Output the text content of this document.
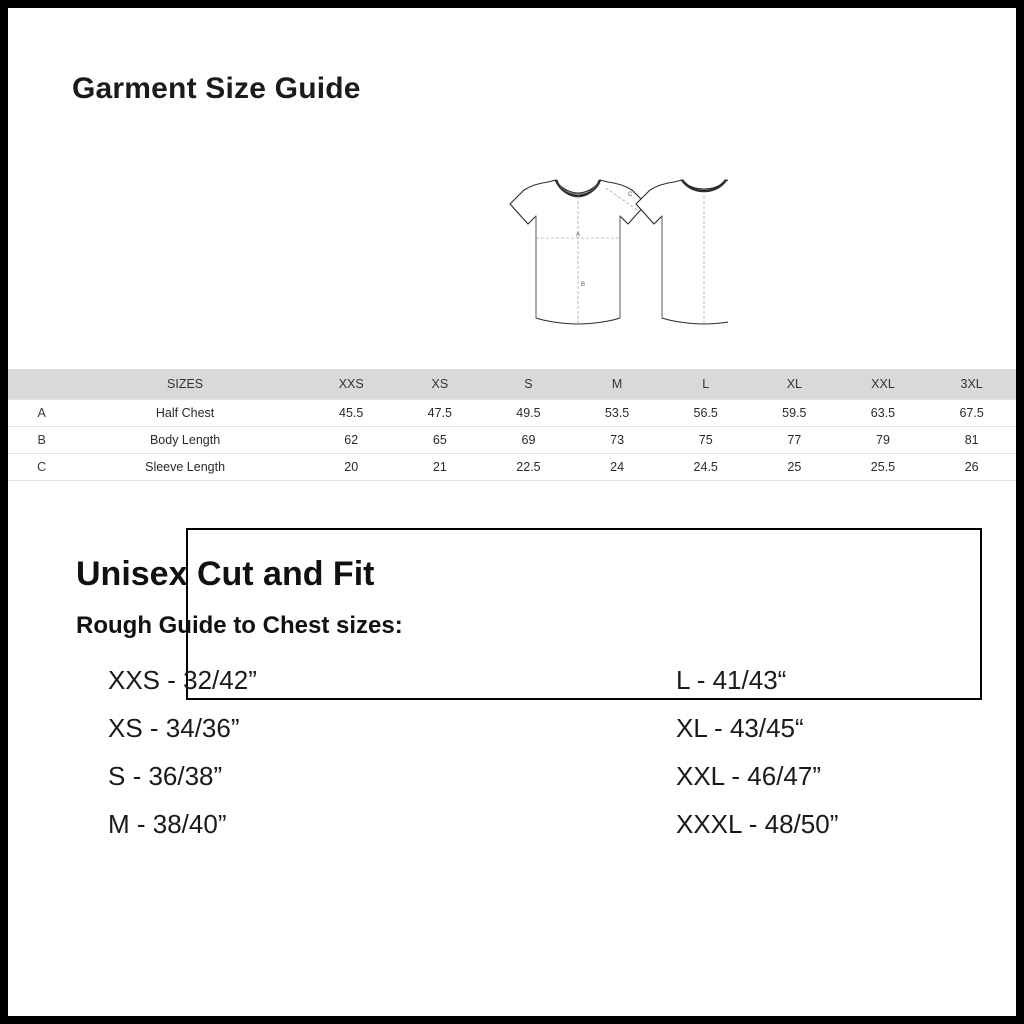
Garment Size Guide
A
C
B
	SIZES	XXS	XS	S	M	L	XL	XXL	3XL
A	Half Chest	45.5	47.5	49.5	53.5	56.5	59.5	63.5	67.5
B	Body Length	62	65	69	73	75	77	79	81
C	Sleeve Length	20	21	22.5	24	24.5	25	25.5	26
Unisex Cut and Fit
Rough Guide to Chest sizes:
XXS - 32/42”
XS - 34/36”
S - 36/38”
M - 38/40”
L - 41/43“
XL - 43/45“
XXL - 46/47”
XXXL - 48/50”
